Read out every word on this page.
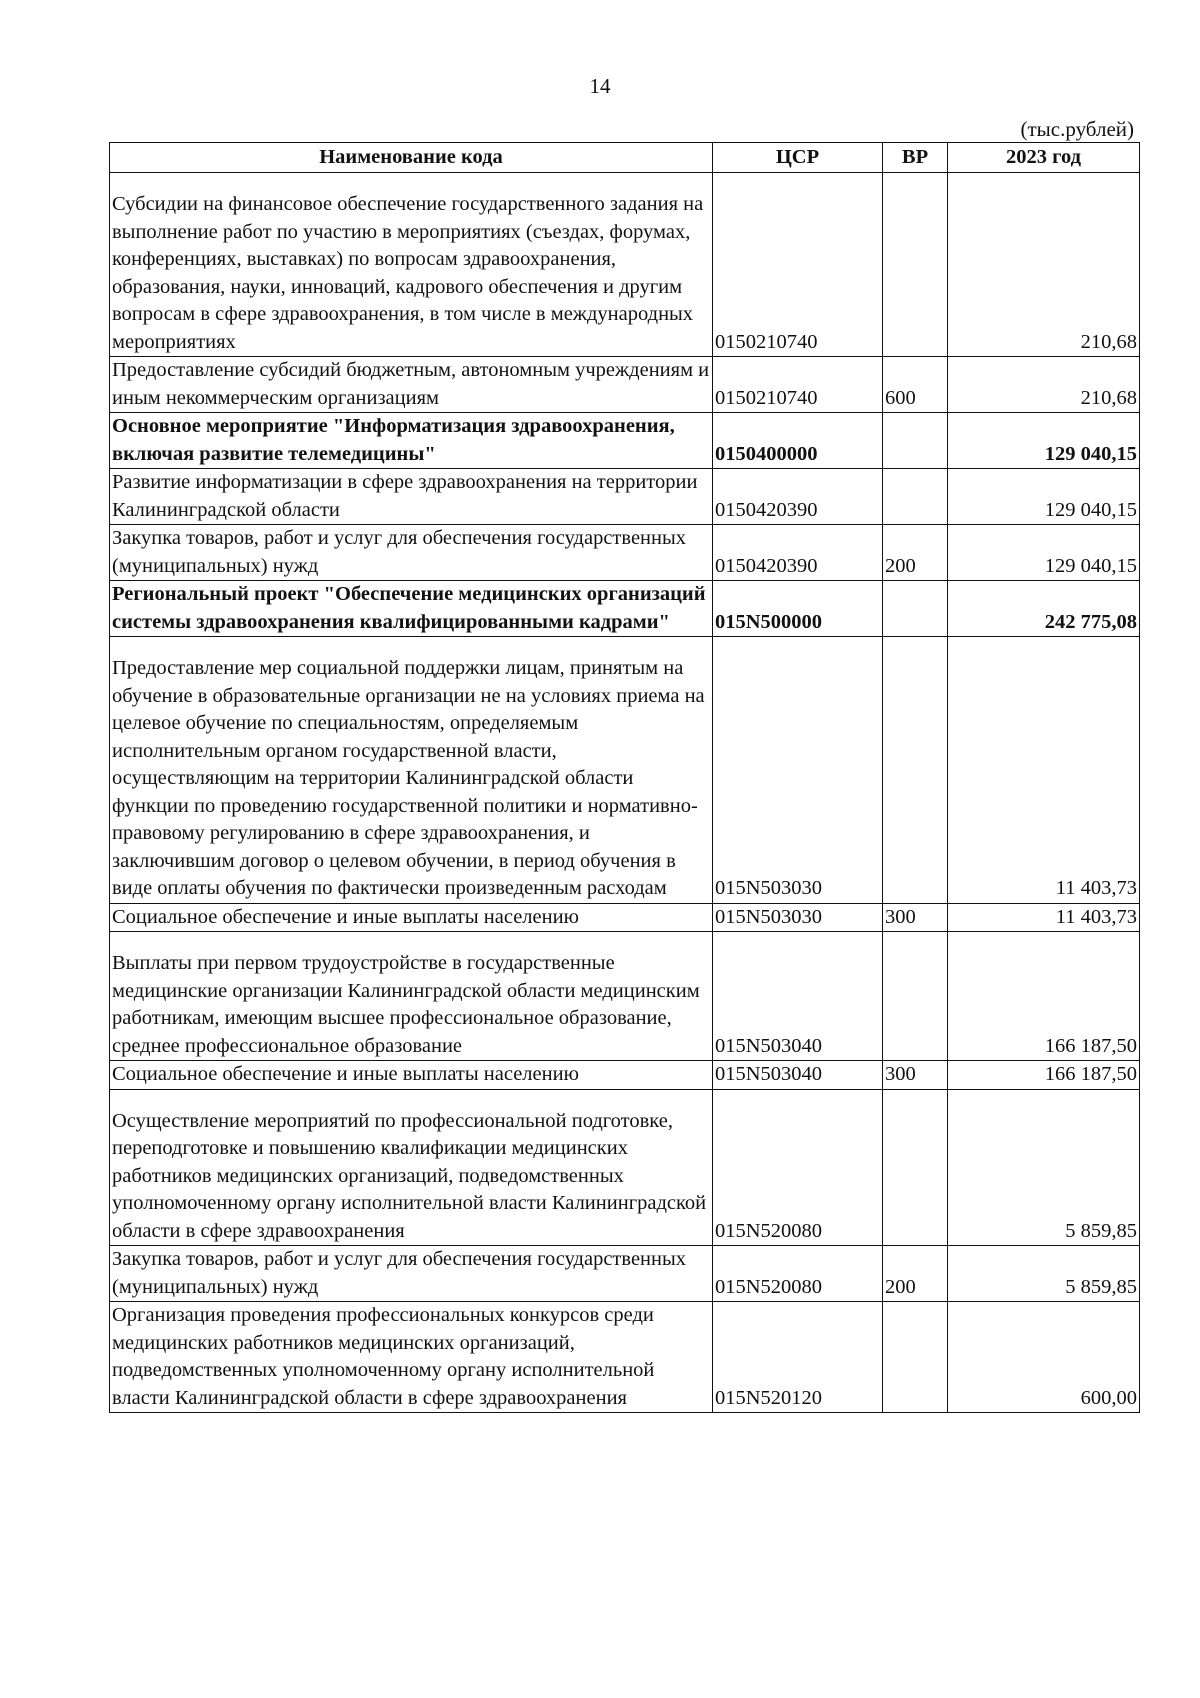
14
(тыс.рублей)
Наименование кода	ЦСР	ВР	2023 год
Субсидии на финансовое обеспечение государственного задания на выполнение работ по участию в мероприятиях (съездах, форумах, конференциях, выставках) по вопросам здравоохранения, образования, науки, инноваций, кадрового обеспечения и другим вопросам в сфере здравоохранения, в том числе в международных мероприятиях	0150210740		210,68
Предоставление субсидий бюджетным, автономным учреждениям и иным некоммерческим организациям	0150210740	600	210,68
Основное мероприятие "Информатизация здравоохранения, включая развитие телемедицины"	0150400000		129 040,15
Развитие информатизации в сфере здравоохранения на территории Калининградской области	0150420390		129 040,15
Закупка товаров, работ и услуг для обеспечения государственных (муниципальных) нужд	0150420390	200	129 040,15
Региональный проект "Обеспечение медицинских организаций системы здравоохранения квалифицированными кадрами"	015N500000		242 775,08
Предоставление мер социальной поддержки лицам, принятым на обучение в образовательные организации не на условиях приема на целевое обучение по специальностям, определяемым исполнительным органом государственной власти, осуществляющим на территории Калининградской области функции по проведению государственной политики и нормативно-правовому регулированию в сфере здравоохранения, и заключившим договор о целевом обучении, в период обучения в виде оплаты обучения по фактически произведенным расходам	015N503030		11 403,73
Социальное обеспечение и иные выплаты населению	015N503030	300	11 403,73
Выплаты при первом трудоустройстве в государственные медицинские организации Калининградской области медицинским работникам, имеющим высшее профессиональное образование, среднее профессиональное образование	015N503040		166 187,50
Социальное обеспечение и иные выплаты населению	015N503040	300	166 187,50
Осуществление мероприятий по профессиональной подготовке, переподготовке и повышению квалификации медицинских работников медицинских организаций, подведомственных уполномоченному органу исполнительной власти Калининградской области в сфере здравоохранения	015N520080		5 859,85
Закупка товаров, работ и услуг для обеспечения государственных (муниципальных) нужд	015N520080	200	5 859,85
Организация проведения профессиональных конкурсов среди медицинских работников медицинских организаций, подведомственных уполномоченному органу исполнительной власти Калининградской области в сфере здравоохранения	015N520120		600,00
